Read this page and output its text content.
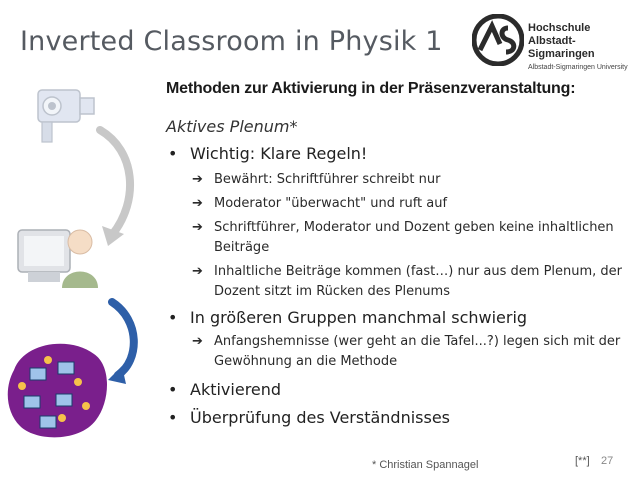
Inverted Classroom in Physik 1	Hochschule
Albstadt-Sigmaringen
Albstadt-Sigmaringen University
Methoden zur Aktivierung in der Präsenzveranstaltung:
Aktives Plenum*
• Wichtig: Klare Regeln!
➔ Bewährt: Schriftführer schreibt nur
➔ Moderator "überwacht" und ruft auf
➔ Schriftführer, Moderator und Dozent geben keine inhaltlichen Beiträge
➔ Inhaltliche Beiträge kommen (fast…) nur aus dem Plenum, der Dozent sitzt im Rücken des Plenums
• In größeren Gruppen manchmal schwierig
➔ Anfangshemnisse (wer geht an die Tafel...?) legen sich mit der Gewöhnung an die Methode
• Aktivierend
• Überprüfung des Verständnisses
* Christian Spannagel	[**] 27
